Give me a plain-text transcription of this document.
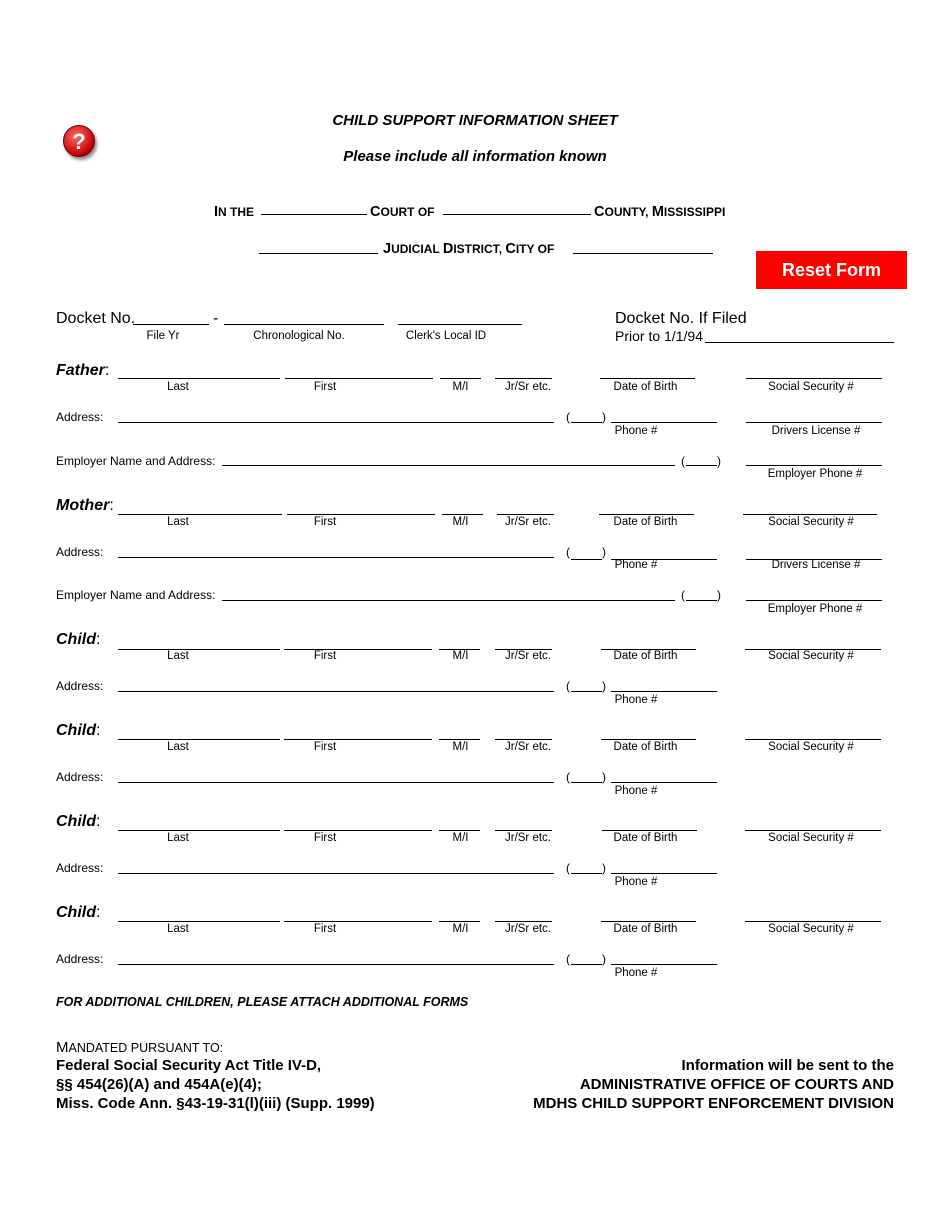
?
CHILD SUPPORT INFORMATION SHEET
Please include all information known
IN THE	COURT OF	COUNTY, MISSISSIPPI
JUDICIAL DISTRICT, CITY OF
Reset Form
Docket No.	-
File Yr	Chronological No.	Clerk's Local ID
Docket No. If Filed
Prior to 1/1/94
Father:
Last	First	M/I	Jr/Sr etc.	Date of Birth	Social Security #
Address:	(	)
Phone #	Drivers License #
Employer Name and Address:	(	)
Employer Phone #
Mother:
Last	First	M/I	Jr/Sr etc.	Date of Birth	Social Security #
Address:	(	)
Phone #	Drivers License #
Employer Name and Address:	(	)
Employer Phone #
Child:
Last	First	M/I	Jr/Sr etc.	Date of Birth	Social Security #
Address:	(	)
Phone #
Child:
Last	First	M/I	Jr/Sr etc.	Date of Birth	Social Security #
Address:	(	)
Phone #
Child:
Last	First	M/I	Jr/Sr etc.	Date of Birth	Social Security #
Address:	(	)
Phone #
Child:
Last	First	M/I	Jr/Sr etc.	Date of Birth	Social Security #
Address:	(	)
Phone #
FOR ADDITIONAL CHILDREN, PLEASE ATTACH ADDITIONAL FORMS
MANDATED PURSUANT TO:
Federal Social Security Act Title IV-D,
§§ 454(26)(A) and 454A(e)(4);
Miss. Code Ann. §43-19-31(l)(iii) (Supp. 1999)
Information will be sent to the
ADMINISTRATIVE OFFICE OF COURTS AND
MDHS CHILD SUPPORT ENFORCEMENT DIVISION
